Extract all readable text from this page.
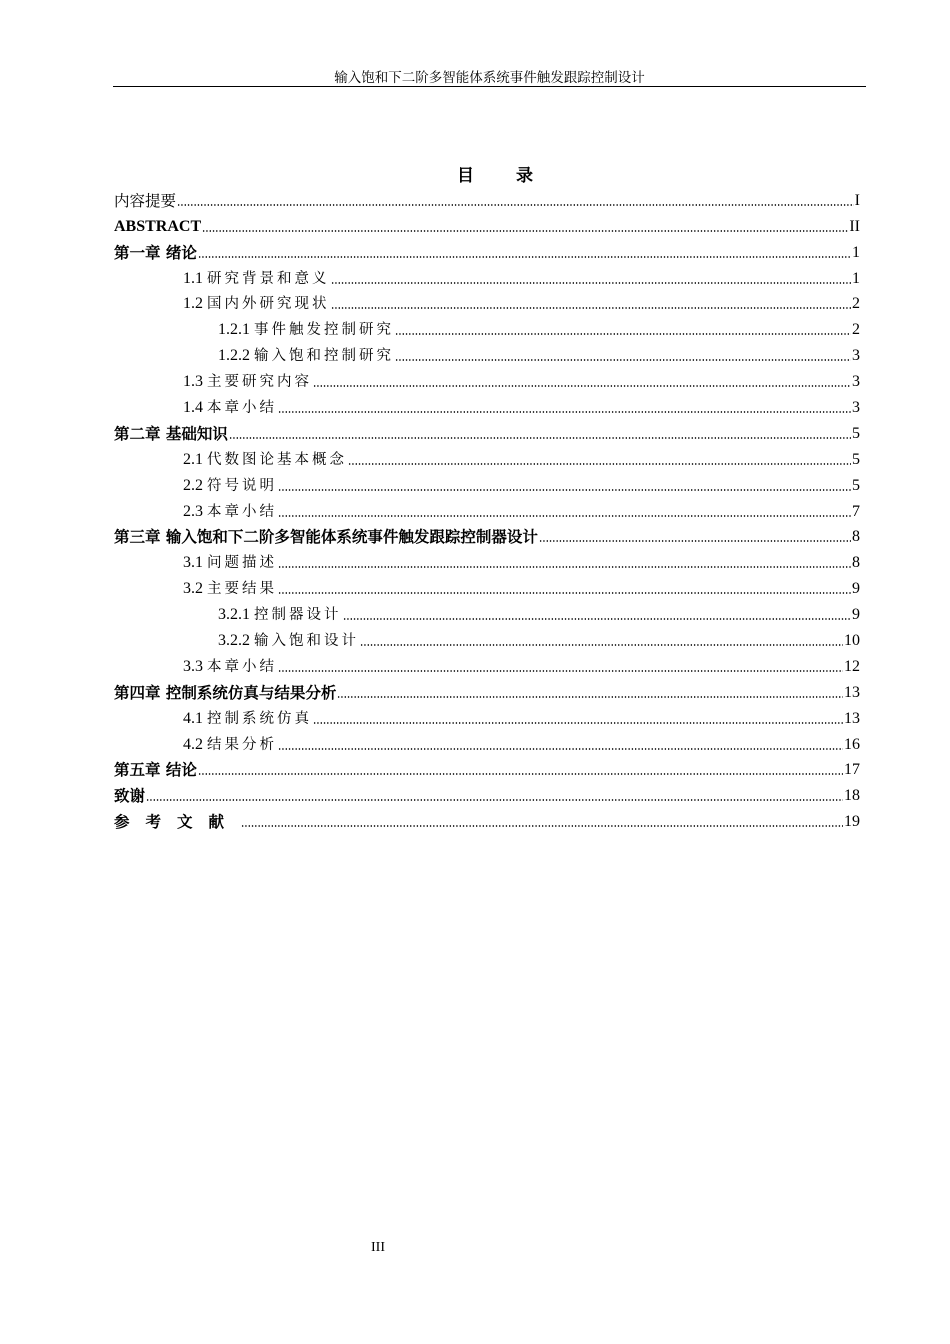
输入饱和下二阶多智能体系统事件触发跟踪控制设计
目 录
内容提要	I
ABSTRACT	II
第一章 绪论	1
1.1 研究背景和意义	1
1.2 国内外研究现状	2
1.2.1 事件触发控制研究	2
1.2.2 输入饱和控制研究	3
1.3 主要研究内容	3
1.4 本章小结	3
第二章 基础知识	5
2.1 代数图论基本概念	5
2.2 符号说明	5
2.3 本章小结	7
第三章 输入饱和下二阶多智能体系统事件触发跟踪控制器设计	8
3.1 问题描述	8
3.2 主要结果	9
3.2.1 控制器设计	9
3.2.2 输入饱和设计	10
3.3 本章小结	12
第四章 控制系统仿真与结果分析	13
4.1 控制系统仿真	13
4.2 结果分析	16
第五章 结论	17
致谢	18
参考文献	19
III
